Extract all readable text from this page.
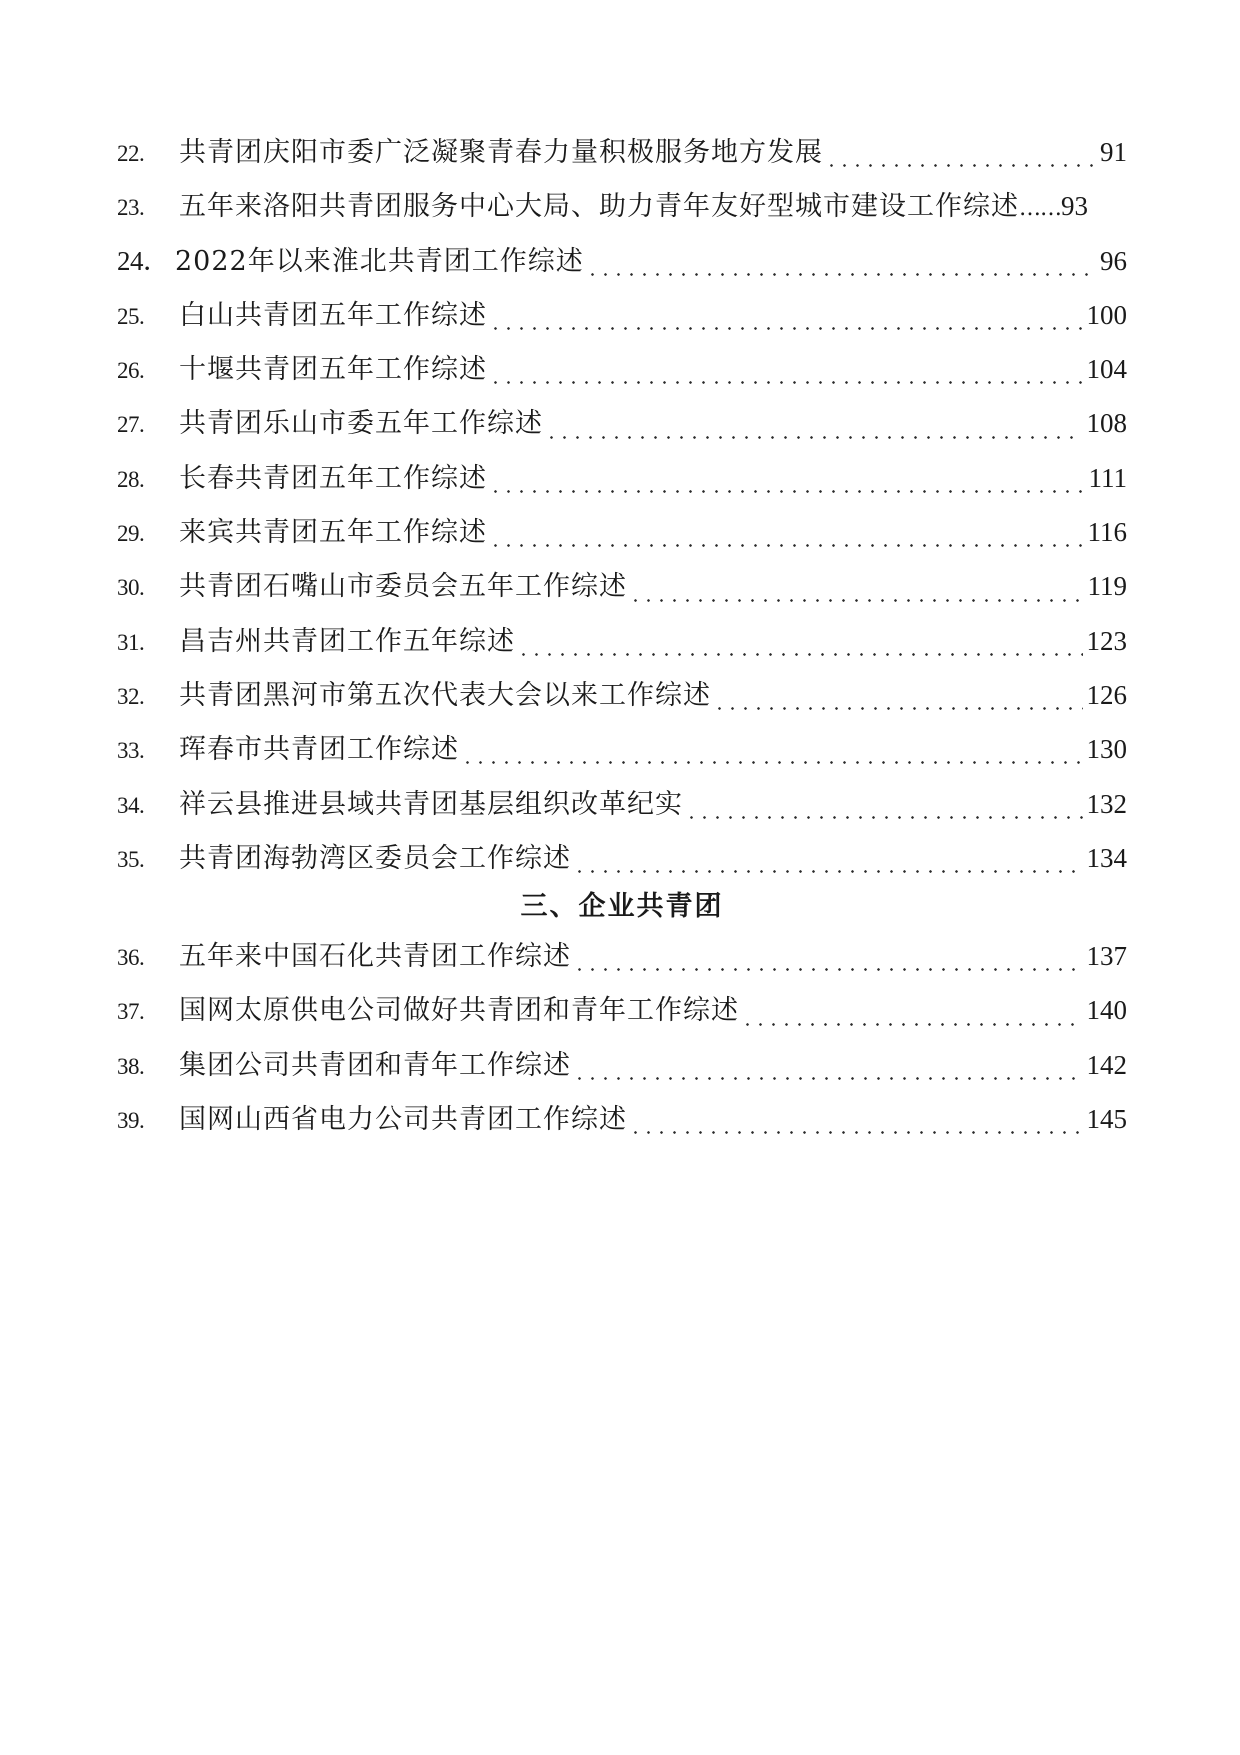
22.	共青团庆阳市委广泛凝聚青春力量积极服务地方发展	91
23.	五年来洛阳共青团服务中心大局、助力青年友好型城市建设工作综述 …… 93
24． 2022年以来淮北共青团工作综述	96
25.	白山共青团五年工作综述	100
26.	十堰共青团五年工作综述	104
27.	共青团乐山市委五年工作综述	108
28.	长春共青团五年工作综述	111
29.	来宾共青团五年工作综述	116
30.	共青团石嘴山市委员会五年工作综述	119
31.	昌吉州共青团工作五年综述	123
32.	共青团黑河市第五次代表大会以来工作综述	126
33.	珲春市共青团工作综述	130
34.	祥云县推进县域共青团基层组织改革纪实	132
35.	共青团海勃湾区委员会工作综述	134
三、企业共青团
36.	五年来中国石化共青团工作综述	137
37.	国网太原供电公司做好共青团和青年工作综述	140
38.	集团公司共青团和青年工作综述	142
39.	国网山西省电力公司共青团工作综述	145
